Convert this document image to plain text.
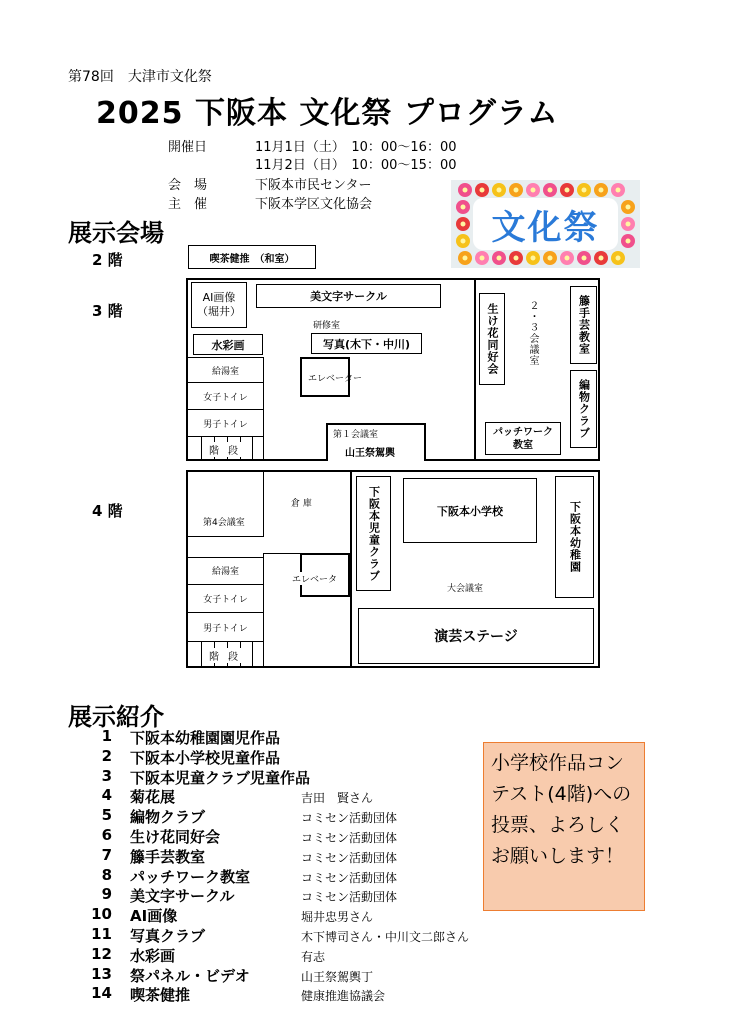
第78回　大津市文化祭
2025 下阪本 文化祭 プログラム
開催日	11月1日（土）　10：00〜16：00
11月2日（日）　10：00〜15：00
会　場	下阪本市民センター
主　催	下阪本学区文化協会
文化祭
展示会場
2 階	喫茶健推　（和室）
3 階
AI画像
（堀井）
美文字サークル
研修室
水彩画	写真(木下・中川)
給湯室
女子トイレ
男子トイレ
階 段
エレベーター
第１会議室
山王祭駕輿
生け花同好会	２・３会議室	籐手芸教室
編物クラブ
パッチワーク
教室
4 階
第4会議室
倉 庫
給湯室
女子トイレ
男子トイレ
階 段
エレベータ	下阪本児童クラブ	下阪本小学校	下阪本幼稚園
大会議室
演芸ステージ
展示紹介
1 下阪本幼稚園園児作品
2 下阪本小学校児童作品
3 下阪本児童クラブ児童作品
4 菊花展	吉田　賢さん
5 編物クラブ	コミセン活動団体
6 生け花同好会	コミセン活動団体
7 籐手芸教室	コミセン活動団体
8 パッチワーク教室	コミセン活動団体
9 美文字サークル	コミセン活動団体
10 AI画像	堀井忠男さん
11 写真クラブ	木下博司さん・中川文二郎さん
12 水彩画	有志
13 祭パネル・ビデオ	山王祭駕輿丁
14 喫茶健推	健康推進協議会
小学校作品コンテスト(4階)への投票、よろしくお願いします！
